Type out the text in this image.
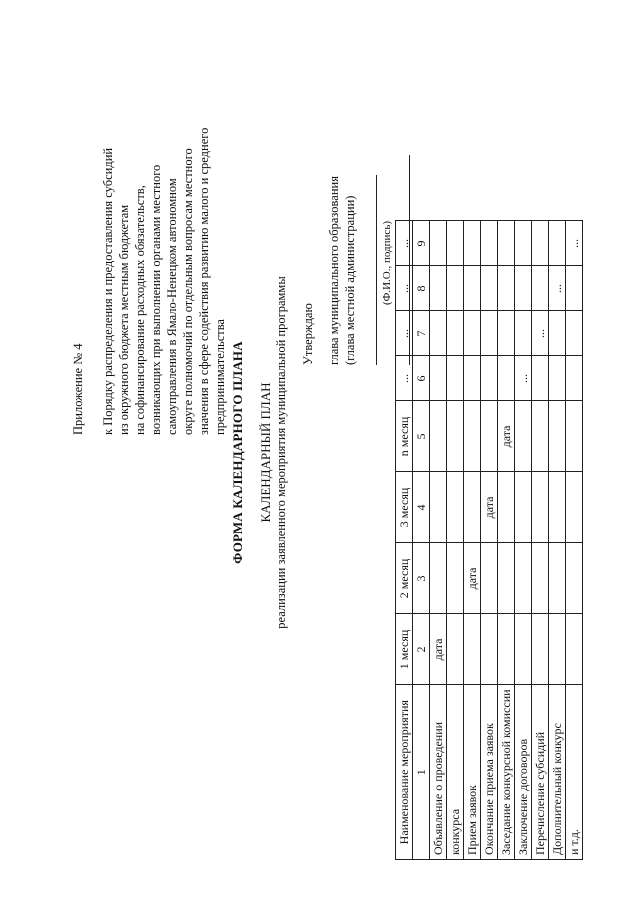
Приложение № 4 к Порядку распределения и предоставления субсидий из окружного бюджета местным бюджетам на софинансирование расходных обязательств, возникающих при выполнении органами местного самоуправления в Ямало-Ненецком автономном округе полномочий по отдельным вопросам местного значения в сфере содействия развитию малого и среднего предпринимательства ФОРМА КАЛЕНДАРНОГО ПЛАНА КАЛЕНДАРНЫЙ ПЛАН реализации заявленного мероприятия муниципальной программы Утверждаю глава муниципального образования (глава местной администрации) (Ф.И.О., подпись)
Наименование мероприятия	1 месяц	2 месяц	3 месяц	n месяц	...	...	...	...
1	2	3	4	5	6	7	8	9
Объявление о проведении	дата							
конкурса								
Прием заявок		дата						
Окончание приема заявок			дата					
Заседание конкурсной комиссии				дата				
Заключение договоров					...			
Перечисление субсидий						...		
Дополнительный конкурс							...	
и т.д.								...
